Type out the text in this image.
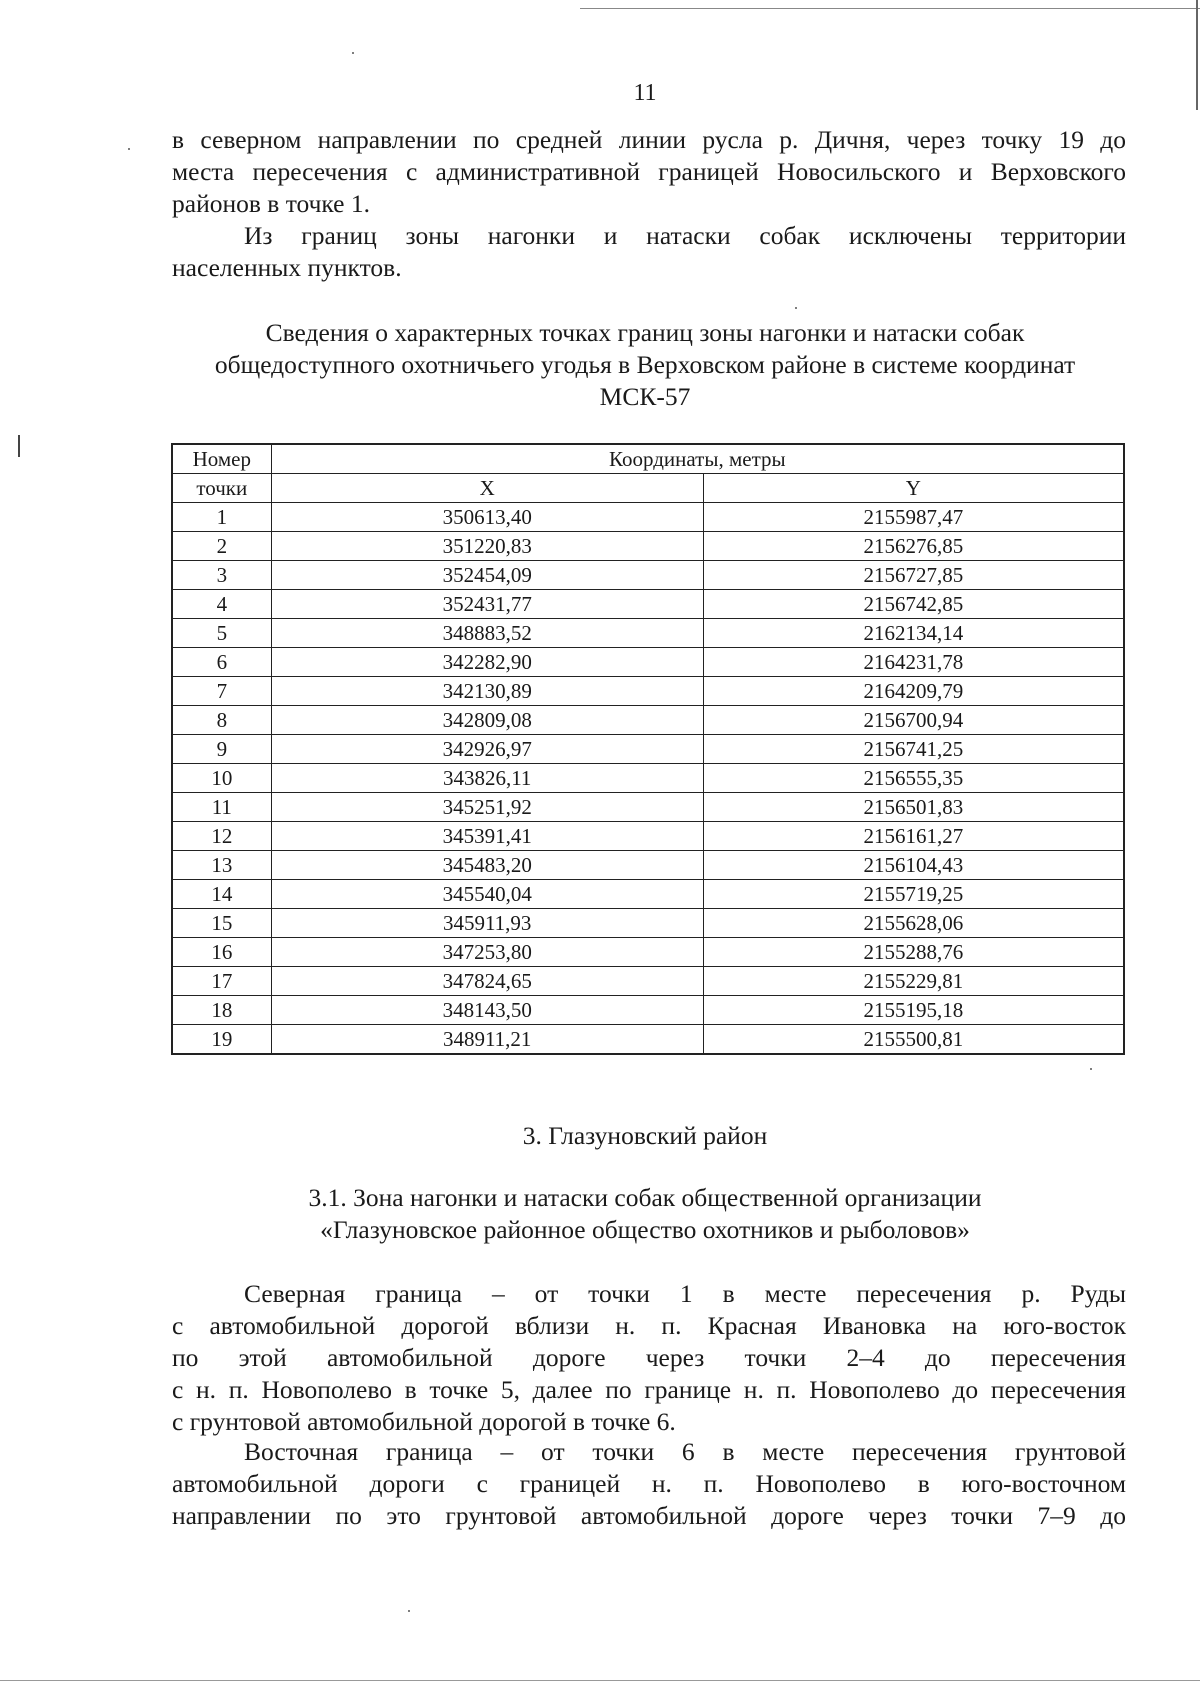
11
в северном направлении по средней линии русла р. Дичня, через точку 19 до
места пересечения с административной границей Новосильского и Верховского
районов в точке 1.
Из границ зоны нагонки и натаски собак исключены территории
населенных пунктов.
Сведения о характерных точках границ зоны нагонки и натаски собак
общедоступного охотничьего угодья в Верховском районе в системе координат
МСК-57
Номер	Координаты, метры	
точки	X	Y
1	350613,40	2155987,47
2	351220,83	2156276,85
3	352454,09	2156727,85
4	352431,77	2156742,85
5	348883,52	2162134,14
6	342282,90	2164231,78
7	342130,89	2164209,79
8	342809,08	2156700,94
9	342926,97	2156741,25
10	343826,11	2156555,35
11	345251,92	2156501,83
12	345391,41	2156161,27
13	345483,20	2156104,43
14	345540,04	2155719,25
15	345911,93	2155628,06
16	347253,80	2155288,76
17	347824,65	2155229,81
18	348143,50	2155195,18
19	348911,21	2155500,81
3. Глазуновский район
3.1. Зона нагонки и натаски собак общественной организации
«Глазуновское районное общество охотников и рыболовов»
Северная граница – от точки 1 в месте пересечения р. Руды
с автомобильной дорогой вблизи н. п. Красная Ивановка на юго-восток
по этой автомобильной дороге через точки 2–4 до пересечения
с н. п. Новополево в точке 5, далее по границе н. п. Новополево до пересечения
с грунтовой автомобильной дорогой в точке 6.
Восточная граница – от точки 6 в месте пересечения грунтовой
автомобильной дороги с границей н. п. Новополево в юго-восточном
направлении по это грунтовой автомобильной дороге через точки 7–9 до
